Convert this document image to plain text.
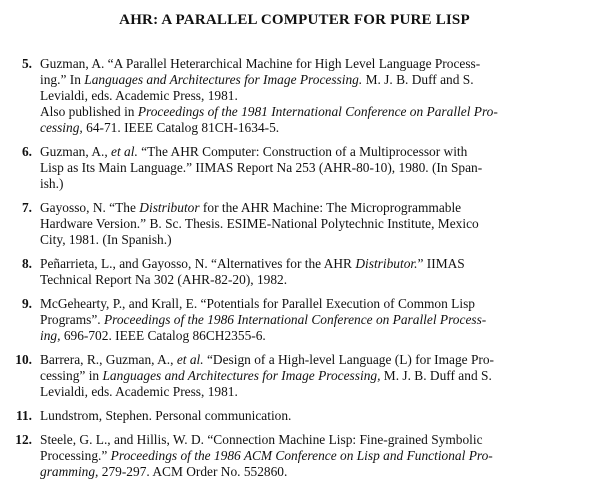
AHR: A PARALLEL COMPUTER FOR PURE LISP
5. Guzman, A. “A Parallel Heterarchical Machine for High Level Language Process-
ing.” In Languages and Architectures for Image Processing. M. J. B. Duff and S.
Levialdi, eds. Academic Press, 1981.
Also published in Proceedings of the 1981 International Conference on Parallel Pro-
cessing, 64-71. IEEE Catalog 81CH-1634-5.
6. Guzman, A., et al. “The AHR Computer: Construction of a Multiprocessor with
Lisp as Its Main Language.” IIMAS Report Na 253 (AHR-80-10), 1980. (In Span-
ish.)
7. Gayosso, N. “The Distributor for the AHR Machine: The Microprogrammable
Hardware Version.” B. Sc. Thesis. ESIME-National Polytechnic Institute, Mexico
City, 1981. (In Spanish.)
8. Peñarrieta, L., and Gayosso, N. “Alternatives for the AHR Distributor.” IIMAS
Technical Report Na 302 (AHR-82-20), 1982.
9. McGehearty, P., and Krall, E. “Potentials for Parallel Execution of Common Lisp
Programs”. Proceedings of the 1986 International Conference on Parallel Process-
ing, 696-702. IEEE Catalog 86CH2355-6.
10. Barrera, R., Guzman, A., et al. “Design of a High-level Language (L) for Image Pro-
cessing” in Languages and Architectures for Image Processing, M. J. B. Duff and S.
Levialdi, eds. Academic Press, 1981.
11. Lundstrom, Stephen. Personal communication.
12. Steele, G. L., and Hillis, W. D. “Connection Machine Lisp: Fine-grained Symbolic
Processing.” Proceedings of the 1986 ACM Conference on Lisp and Functional Pro-
gramming, 279-297. ACM Order No. 552860.
